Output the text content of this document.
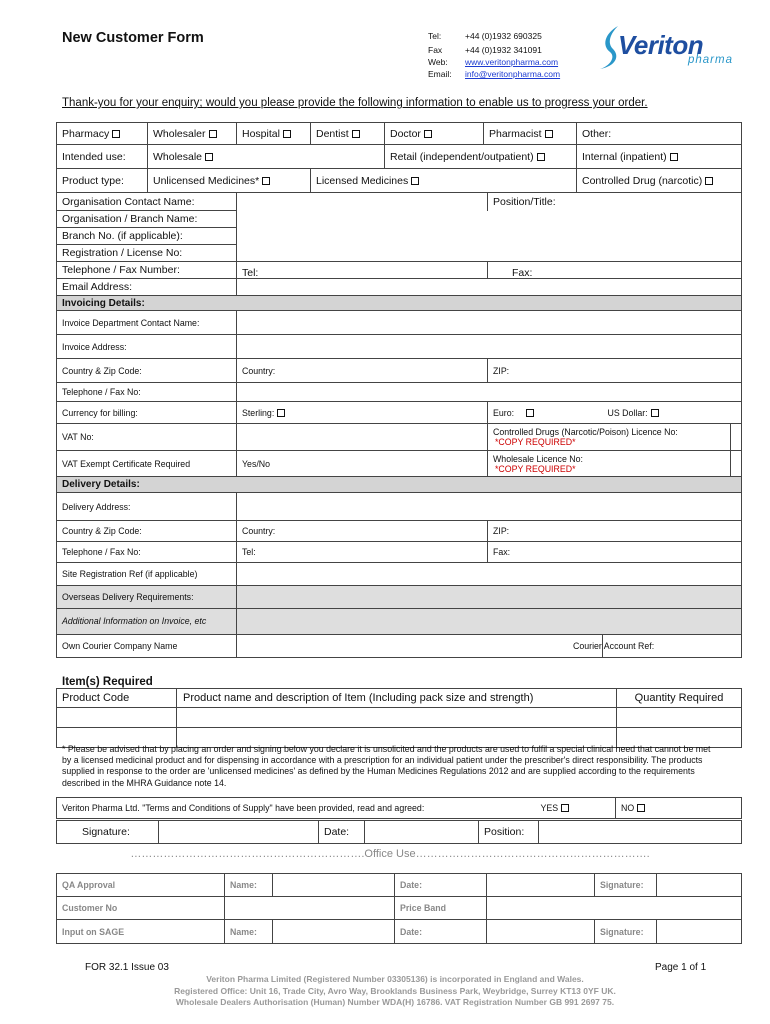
New Customer Form	Tel:	+44 (0)1932 690325
Fax	+44 (0)1932 341091
Web:	www.veritonpharma.com
Email:	info@veritonpharma.com
Veriton
pharma
Thank-you for your enquiry; would you please provide the following information to enable us to progress your order.
Pharmacy	Wholesaler	Hospital	Dentist	Doctor	Pharmacist	Other:
Intended use:	Wholesale			Retail (independent/outpatient)		Internal (inpatient)
Product type:	Unlicensed Medicines*		Licensed Medicines			Controlled Drug (narcotic)
Organisation Contact Name:		Position/Title:		
Organisation / Branch Name:				
Branch No. (if applicable):				
Registration / License No:				
Telephone / Fax Number:	Tel:	Fax:		
Email Address:				
Invoicing Details:				
Invoice Department Contact Name:				
Invoice Address:				
Country & Zip Code:	Country:	ZIP:		
Telephone / Fax No:				
Currency for billing:	Sterling:	Euro:	US Dollar:	
VAT No:		Controlled Drugs (Narcotic/Poison) Licence No:
*COPY REQUIRED*		

VAT Exempt Certificate Required	Yes/No	Wholesale Licence No:
*COPY REQUIRED*		

Delivery Details:				
Delivery Address:				
Country & Zip Code:	Country:	ZIP:		
Telephone / Fax No:	Tel:	Fax:		
Site Registration Ref (if applicable)				
Overseas Delivery Requirements:				
Additional Information on Invoice, etc				
Own Courier Company Name			Courier Account Ref:	
Item(s) Required
Product Code	Product name and description of Item (Including pack size and strength)	Quantity Required

* Please be advised that by placing an order and signing below you declare it is unsolicited and the products are used to fulfil a special clinical need that cannot be met by a licensed medicinal product and for dispensing in accordance with a prescription for an individual patient under the prescriber's direct responsibility. The products supplied in response to the order are 'unlicensed medicines' as defined by the Human Medicines Regulations 2012 and are supplied according to the requirements described in the MHRA Guidance note 14.
Veriton Pharma Ltd. "Terms and Conditions of Supply" have been provided, read and agreed:	YES	NO
Signature:		Date:		Position:	
……………………………………………………….Office Use……………………………………………………….
QA Approval	Name:		Date:		Signature:	
Customer No			Price Band			
Input on SAGE	Name:		Date:		Signature:	
FOR 32.1 Issue 03	Page 1 of 1
Veriton Pharma Limited (Registered Number 03305136) is incorporated in England and Wales.
Registered Office: Unit 16, Trade City, Avro Way, Brooklands Business Park, Weybridge, Surrey KT13 0YF UK.
Wholesale Dealers Authorisation (Human) Number WDA(H) 16786. VAT Registration Number GB 991 2697 75.
